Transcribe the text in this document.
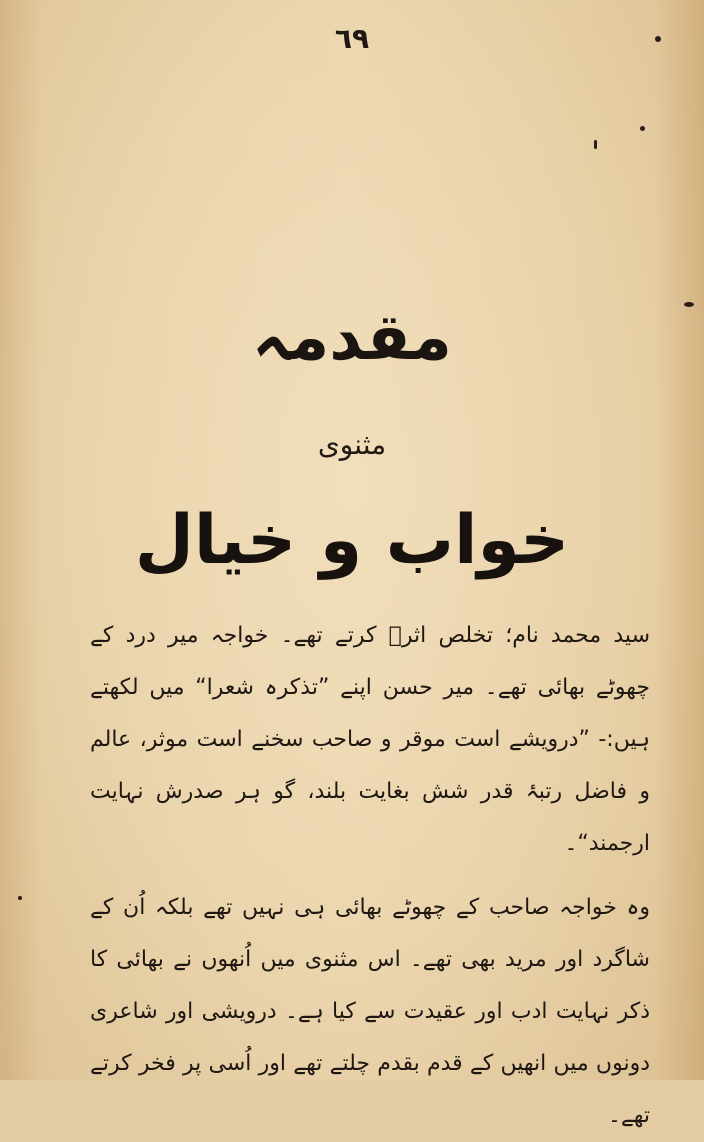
٦٩
مقدمہ
مثنوی
خواب و خیال

سید محمد نام؛ تخلص اثرؔ کرتے تھے۔ خواجہ میر درد کے چھوٹے بھائی تھے۔ میر حسن اپنے ”تذکرہ شعرا“ میں لکھتے ہیں:- ”درویشے است موقر و صاحب سخنے است موثر، عالم و فاضل رتبۂ قدر شش بغایت بلند، گو ہر صدرش نہایت ارجمند“۔

وہ خواجہ صاحب کے چھوٹے بھائی ہی نہیں تھے بلکہ اُن کے شاگرد اور مرید بھی تھے۔ اس مثنوی میں اُنھوں نے بھائی کا ذکر نہایت ادب اور عقیدت سے کیا ہے۔ درویشی اور شاعری دونوں میں انھیں کے قدم بقدم چلتے تھے اور اُسی پر فخر کرتے تھے۔
